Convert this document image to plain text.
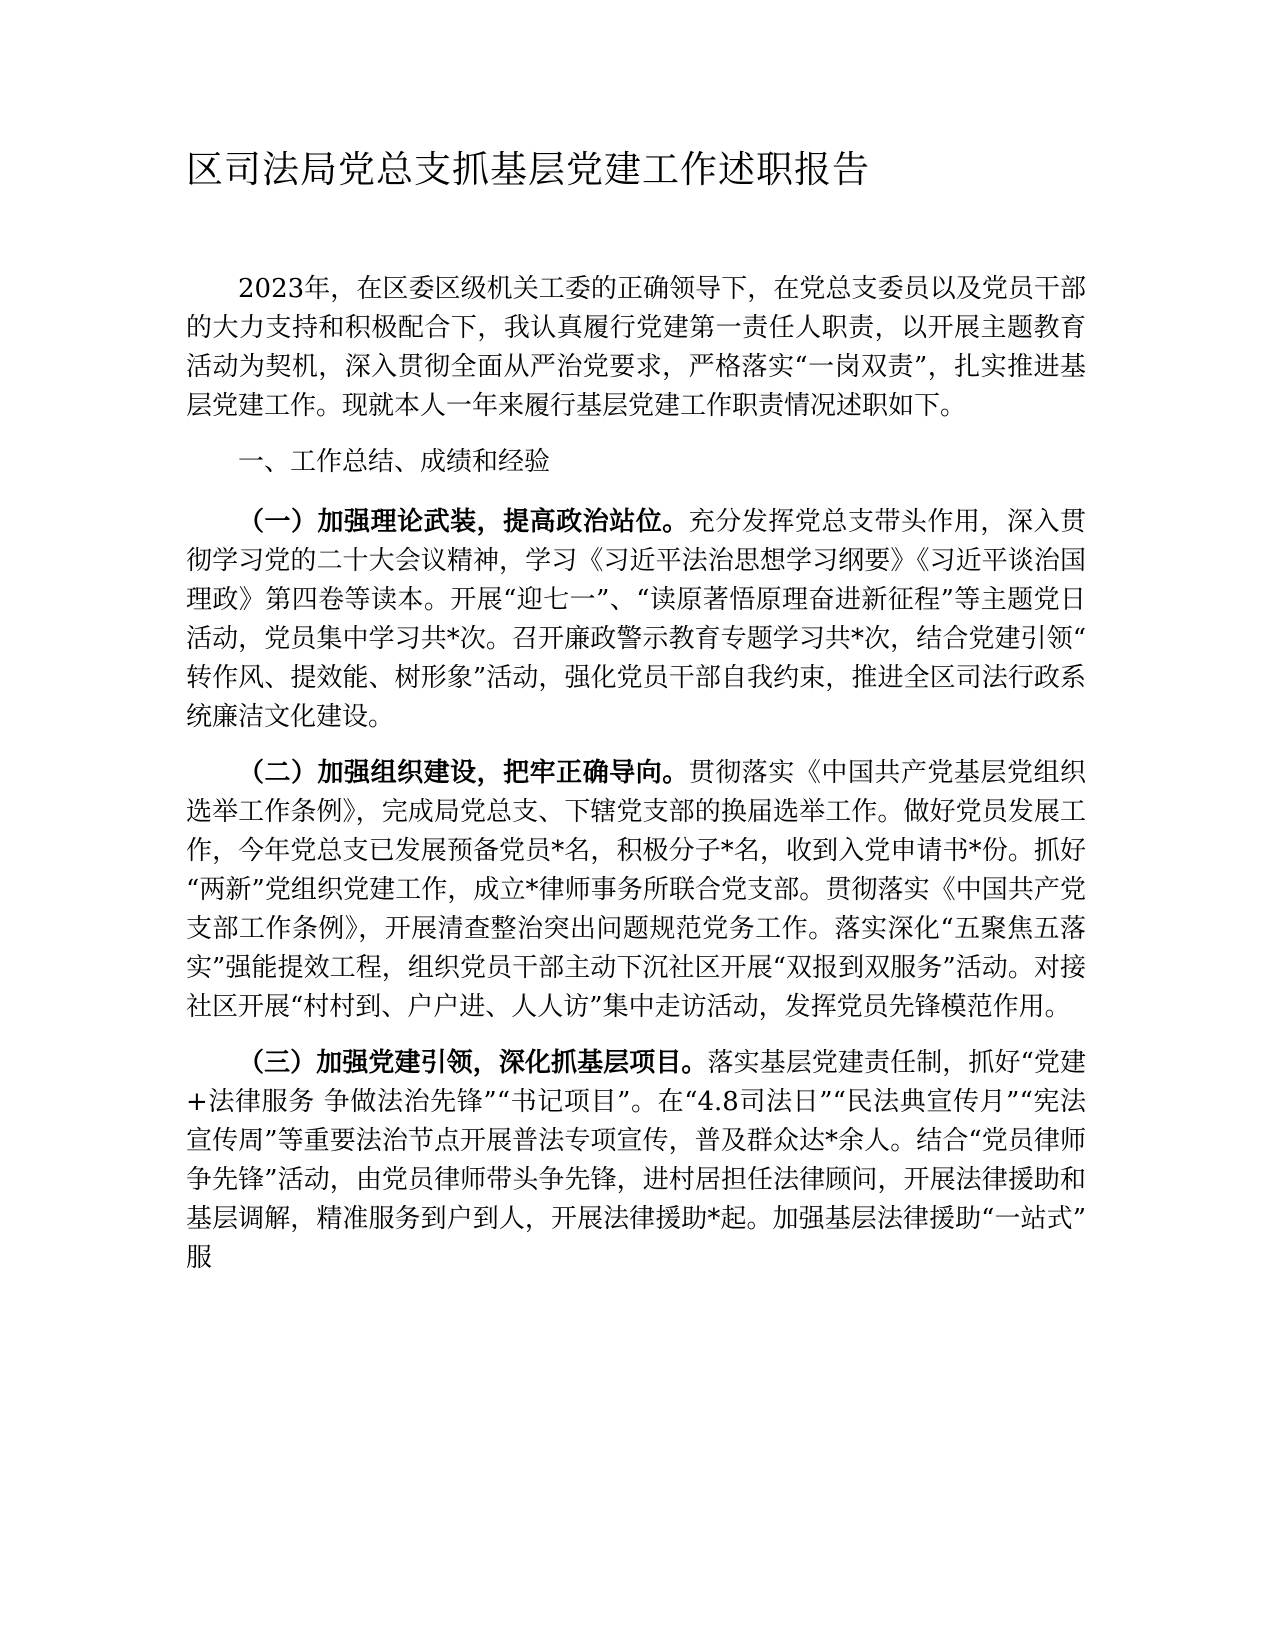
区司法局党总支抓基层党建工作述职报告

2023年，在区委区级机关工委的正确领导下，在党总支委员以及党员干部的大力支持和积极配合下，我认真履行党建第一责任人职责，以开展主题教育活动为契机，深入贯彻全面从严治党要求，严格落实“一岗双责”，扎实推进基层党建工作。现就本人一年来履行基层党建工作职责情况述职如下。

一、工作总结、成绩和经验

（一）加强理论武装，提高政治站位。充分发挥党总支带头作用，深入贯彻学习党的二十大会议精神，学习《习近平法治思想学习纲要》《习近平谈治国理政》第四卷等读本。开展“迎七一”、“读原著悟原理奋进新征程”等主题党日活动，党员集中学习共*次。召开廉政警示教育专题学习共*次，结合党建引领“转作风、提效能、树形象”活动，强化党员干部自我约束，推进全区司法行政系统廉洁文化建设。

（二）加强组织建设，把牢正确导向。贯彻落实《中国共产党基层党组织选举工作条例》，完成局党总支、下辖党支部的换届选举工作。做好党员发展工作，今年党总支已发展预备党员*名，积极分子*名，收到入党申请书*份。抓好“两新”党组织党建工作，成立*律师事务所联合党支部。贯彻落实《中国共产党支部工作条例》，开展清查整治突出问题规范党务工作。落实深化“五聚焦五落实”强能提效工程，组织党员干部主动下沉社区开展“双报到双服务”活动。对接社区开展“村村到、户户进、人人访”集中走访活动，发挥党员先锋模范作用。

（三）加强党建引领，深化抓基层项目。落实基层党建责任制，抓好“党建+法律服务 争做法治先锋”“书记项目”。在“4.8司法日”“民法典宣传月”“宪法宣传周”等重要法治节点开展普法专项宣传，普及群众达*余人。结合“党员律师争先锋”活动，由党员律师带头争先锋，进村居担任法律顾问，开展法律援助和基层调解，精准服务到户到人，开展法律援助*起。加强基层法律援助“一站式”服
